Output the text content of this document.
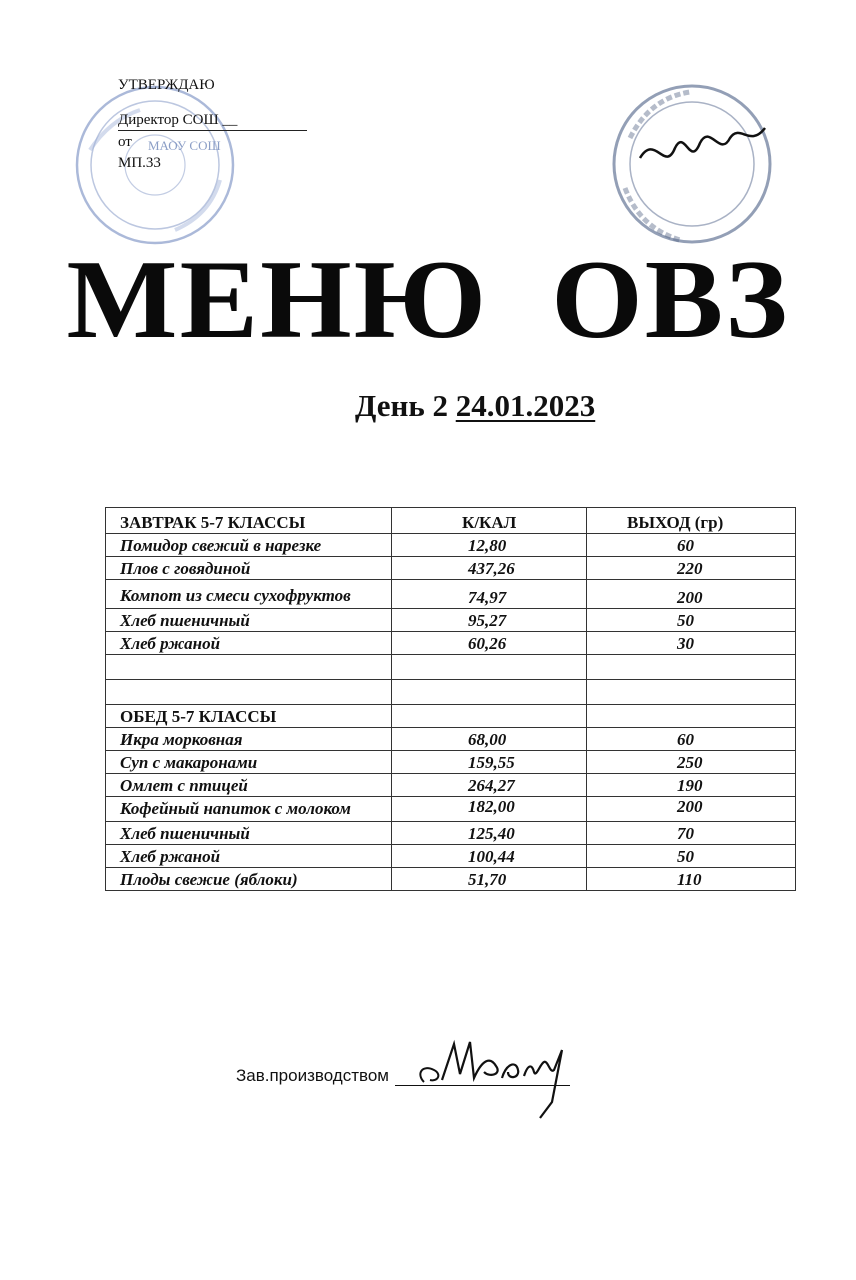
УТВЕРЖДАЮ
Директор СОШ __
от
МП.33
МАОУ СОШ
МЕНЮ ОВЗ
День 2 24.01.2023
ЗАВТРАК 5-7 КЛАССЫ	К/КАЛ	ВЫХОД (гр)
Помидор свежий в нарезке	12,80	60
Плов с говядиной	437,26	220
Компот из смеси сухофруктов	74,97	200
Хлеб пшеничный	95,27	50
Хлеб ржаной	60,26	30

ОБЕД 5-7 КЛАССЫ		
Икра морковная	68,00	60
Суп с макаронами	159,55	250
Омлет с птицей	264,27	190
Кофейный напиток с молоком	182,00	200
Хлеб пшеничный	125,40	70
Хлеб ржаной	100,44	50
Плоды свежие (яблоки)	51,70	110
Зав.производством
